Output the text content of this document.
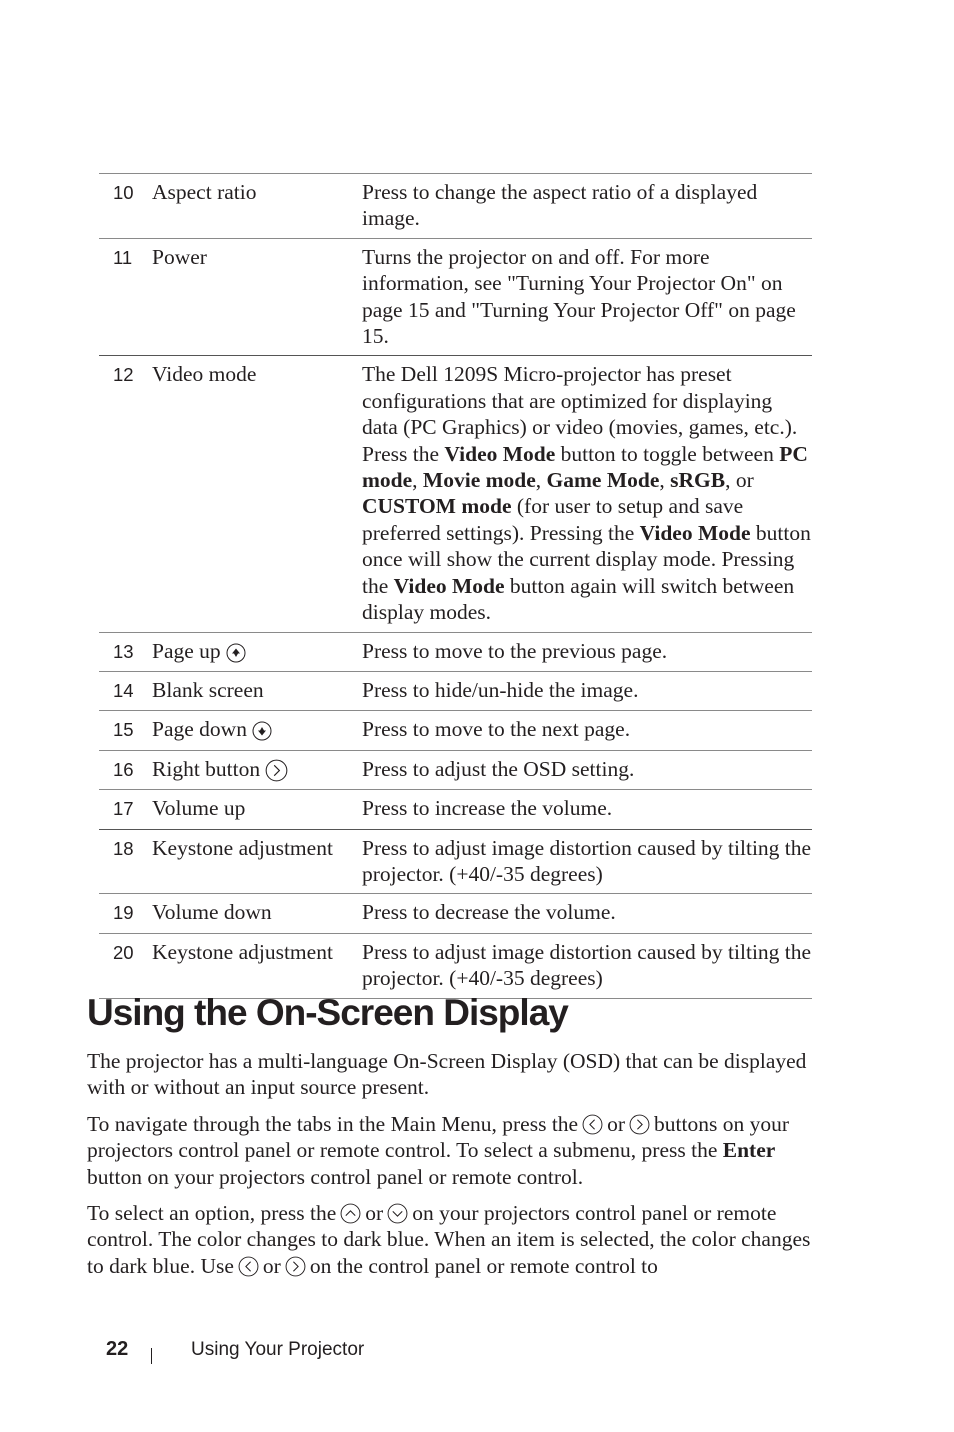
10 Aspect ratio	Press to change the aspect ratio of a displayed image.
11 Power	Turns the projector on and off. For more information, see "Turning Your Projector On" on page 15 and "Turning Your Projector Off" on page 15.
12 Video mode	The Dell 1209S Micro-projector has preset configurations that are optimized for displaying data (PC Graphics) or video (movies, games, etc.). Press the Video Mode button to toggle between PC mode, Movie mode, Game Mode, sRGB, or CUSTOM mode (for user to setup and save preferred settings). Pressing the Video Mode button once will show the current display mode. Pressing the Video Mode button again will switch between display modes.
13 Page up	Press to move to the previous page.
14 Blank screen	Press to hide/un-hide the image.
15 Page down	Press to move to the next page.
16 Right button	Press to adjust the OSD setting.
17 Volume up	Press to increase the volume.
18 Keystone adjustment	Press to adjust image distortion caused by tilting the projector. (+40/-35 degrees)
19 Volume down	Press to decrease the volume.
20 Keystone adjustment	Press to adjust image distortion caused by tilting the projector. (+40/-35 degrees)
Using the On-Screen Display

The projector has a multi-language On-Screen Display (OSD) that can be displayed with or without an input source present.

To navigate through the tabs in the Main Menu, press the or buttons on your projectors control panel or remote control. To select a submenu, press the Enter button on your projectors control panel or remote control.

To select an option, press the or on your projectors control panel or remote control. The color changes to dark blue. When an item is selected, the color changes to dark blue. Use or on the control panel or remote control to

22	Using Your Projector
